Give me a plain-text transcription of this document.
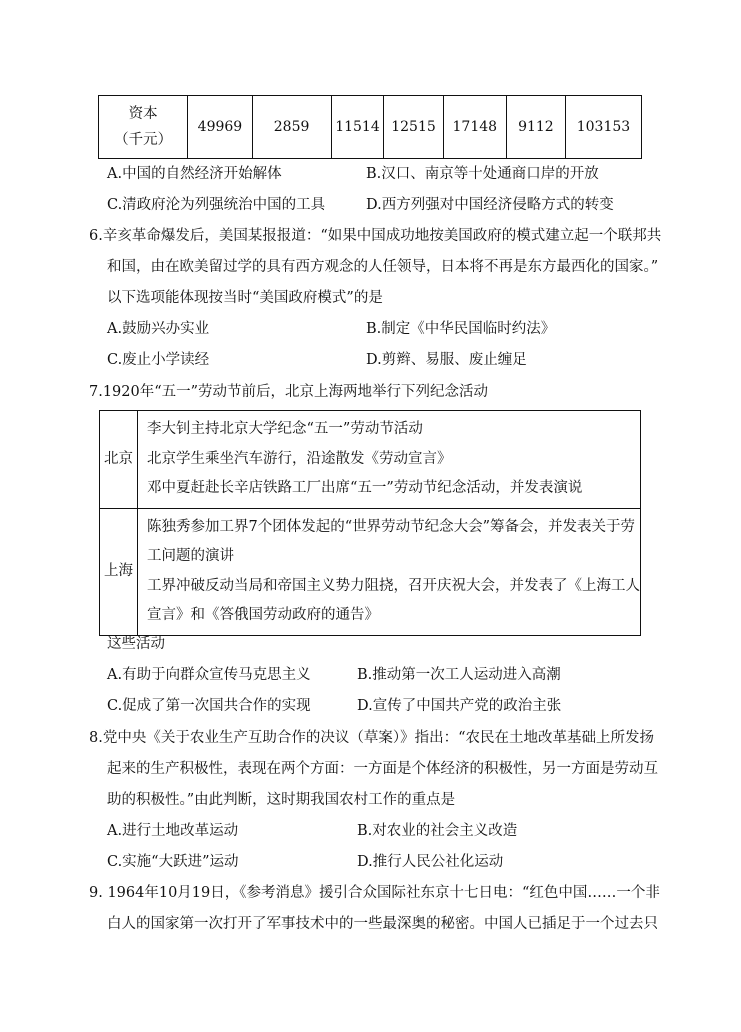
资本
（千元）
	49969	2859	11514	12515	17148	9112	103153
A.中国的自然经济开始解体	B.汉口、南京等十处通商口岸的开放
C.清政府沦为列强统治中国的工具	D.西方列强对中国经济侵略方式的转变
6.辛亥革命爆发后，美国某报报道：“如果中国成功地按美国政府的模式建立起一个联邦共
和国，由在欧美留过学的具有西方观念的人任领导，日本将不再是东方最西化的国家。”
以下选项能体现按当时“美国政府模式”的是
A.鼓励兴办实业	B.制定《中华民国临时约法》
C.废止小学读经	D.剪辫、易服、废止缠足
7.1920年“五一”劳动节前后，北京上海两地举行下列纪念活动
北京	李大钊主持北京大学纪念“五一”劳动节活动
北京学生乘坐汽车游行，沿途散发《劳动宣言》
邓中夏赶赴长辛店铁路工厂出席“五一”劳动节纪念活动，并发表演说

上海	陈独秀参加工界7个团体发起的“世界劳动节纪念大会”筹备会，并发表关于劳
工问题的演讲
工界冲破反动当局和帝国主义势力阻挠，召开庆祝大会，并发表了《上海工人
宣言》和《答俄国劳动政府的通告》
这些活动
A.有助于向群众宣传马克思主义	B.推动第一次工人运动进入高潮
C.促成了第一次国共合作的实现	D.宣传了中国共产党的政治主张
8.党中央《关于农业生产互助合作的决议（草案）》指出：“农民在土地改革基础上所发扬
起来的生产积极性，表现在两个方面：一方面是个体经济的积极性，另一方面是劳动互
助的积极性。”由此判断，这时期我国农村工作的重点是
A.进行土地改革运动	B.对农业的社会主义改造
C.实施“大跃进”运动	D.推行人民公社化运动
9. 1964年10月19日，《参考消息》援引合众国际社东京十七日电：“红色中国……一个非
白人的国家第一次打开了军事技术中的一些最深奥的秘密。中国人已插足于一个过去只
